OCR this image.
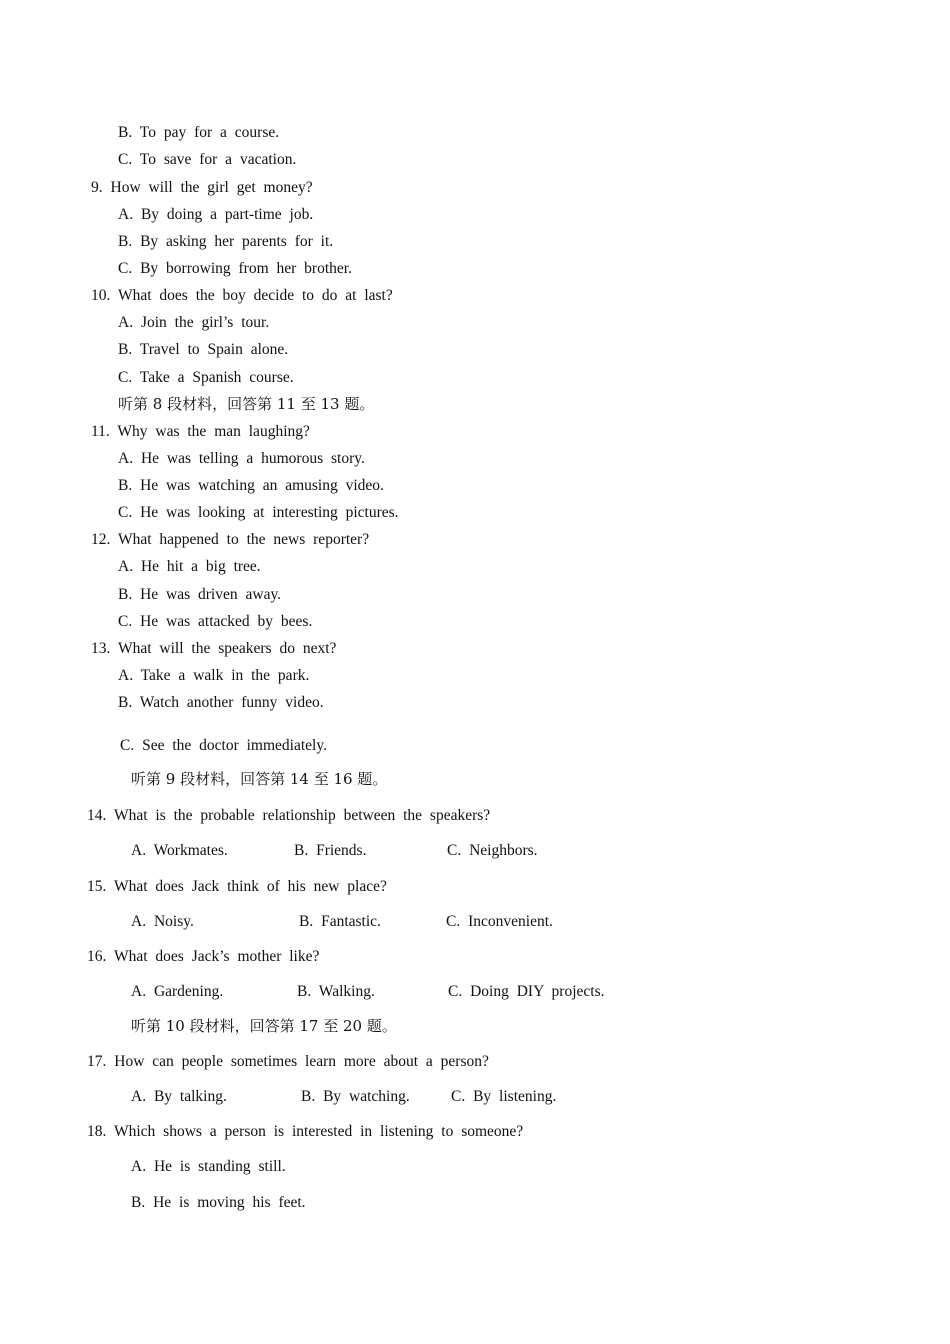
B. To pay for a course.
C. To save for a vacation.
9. How will the girl get money?
A. By doing a part-time job.
B. By asking her parents for it.
C. By borrowing from her brother.
10. What does the boy decide to do at last?
A. Join the girl’s tour.
B. Travel to Spain alone.
C. Take a Spanish course.
听第 8 段材料，回答第 11 至 13 题。
11. Why was the man laughing?
A. He was telling a humorous story.
B. He was watching an amusing video.
C. He was looking at interesting pictures.
12. What happened to the news reporter?
A. He hit a big tree.
B. He was driven away.
C. He was attacked by bees.
13. What will the speakers do next?
A. Take a walk in the park.
B. Watch another funny video.
C. See the doctor immediately.
听第 9 段材料，回答第 14 至 16 题。
14. What is the probable relationship between the speakers?
A. Workmates.	B. Friends.	C. Neighbors.
15. What does Jack think of his new place?
A. Noisy.	B. Fantastic.	C. Inconvenient.
16. What does Jack’s mother like?
A. Gardening.	B. Walking.	C. Doing DIY projects.
听第 10 段材料，回答第 17 至 20 题。
17. How can people sometimes learn more about a person?
A. By talking.	B. By watching.	C. By listening.
18. Which shows a person is interested in listening to someone?
A. He is standing still.
B. He is moving his feet.
